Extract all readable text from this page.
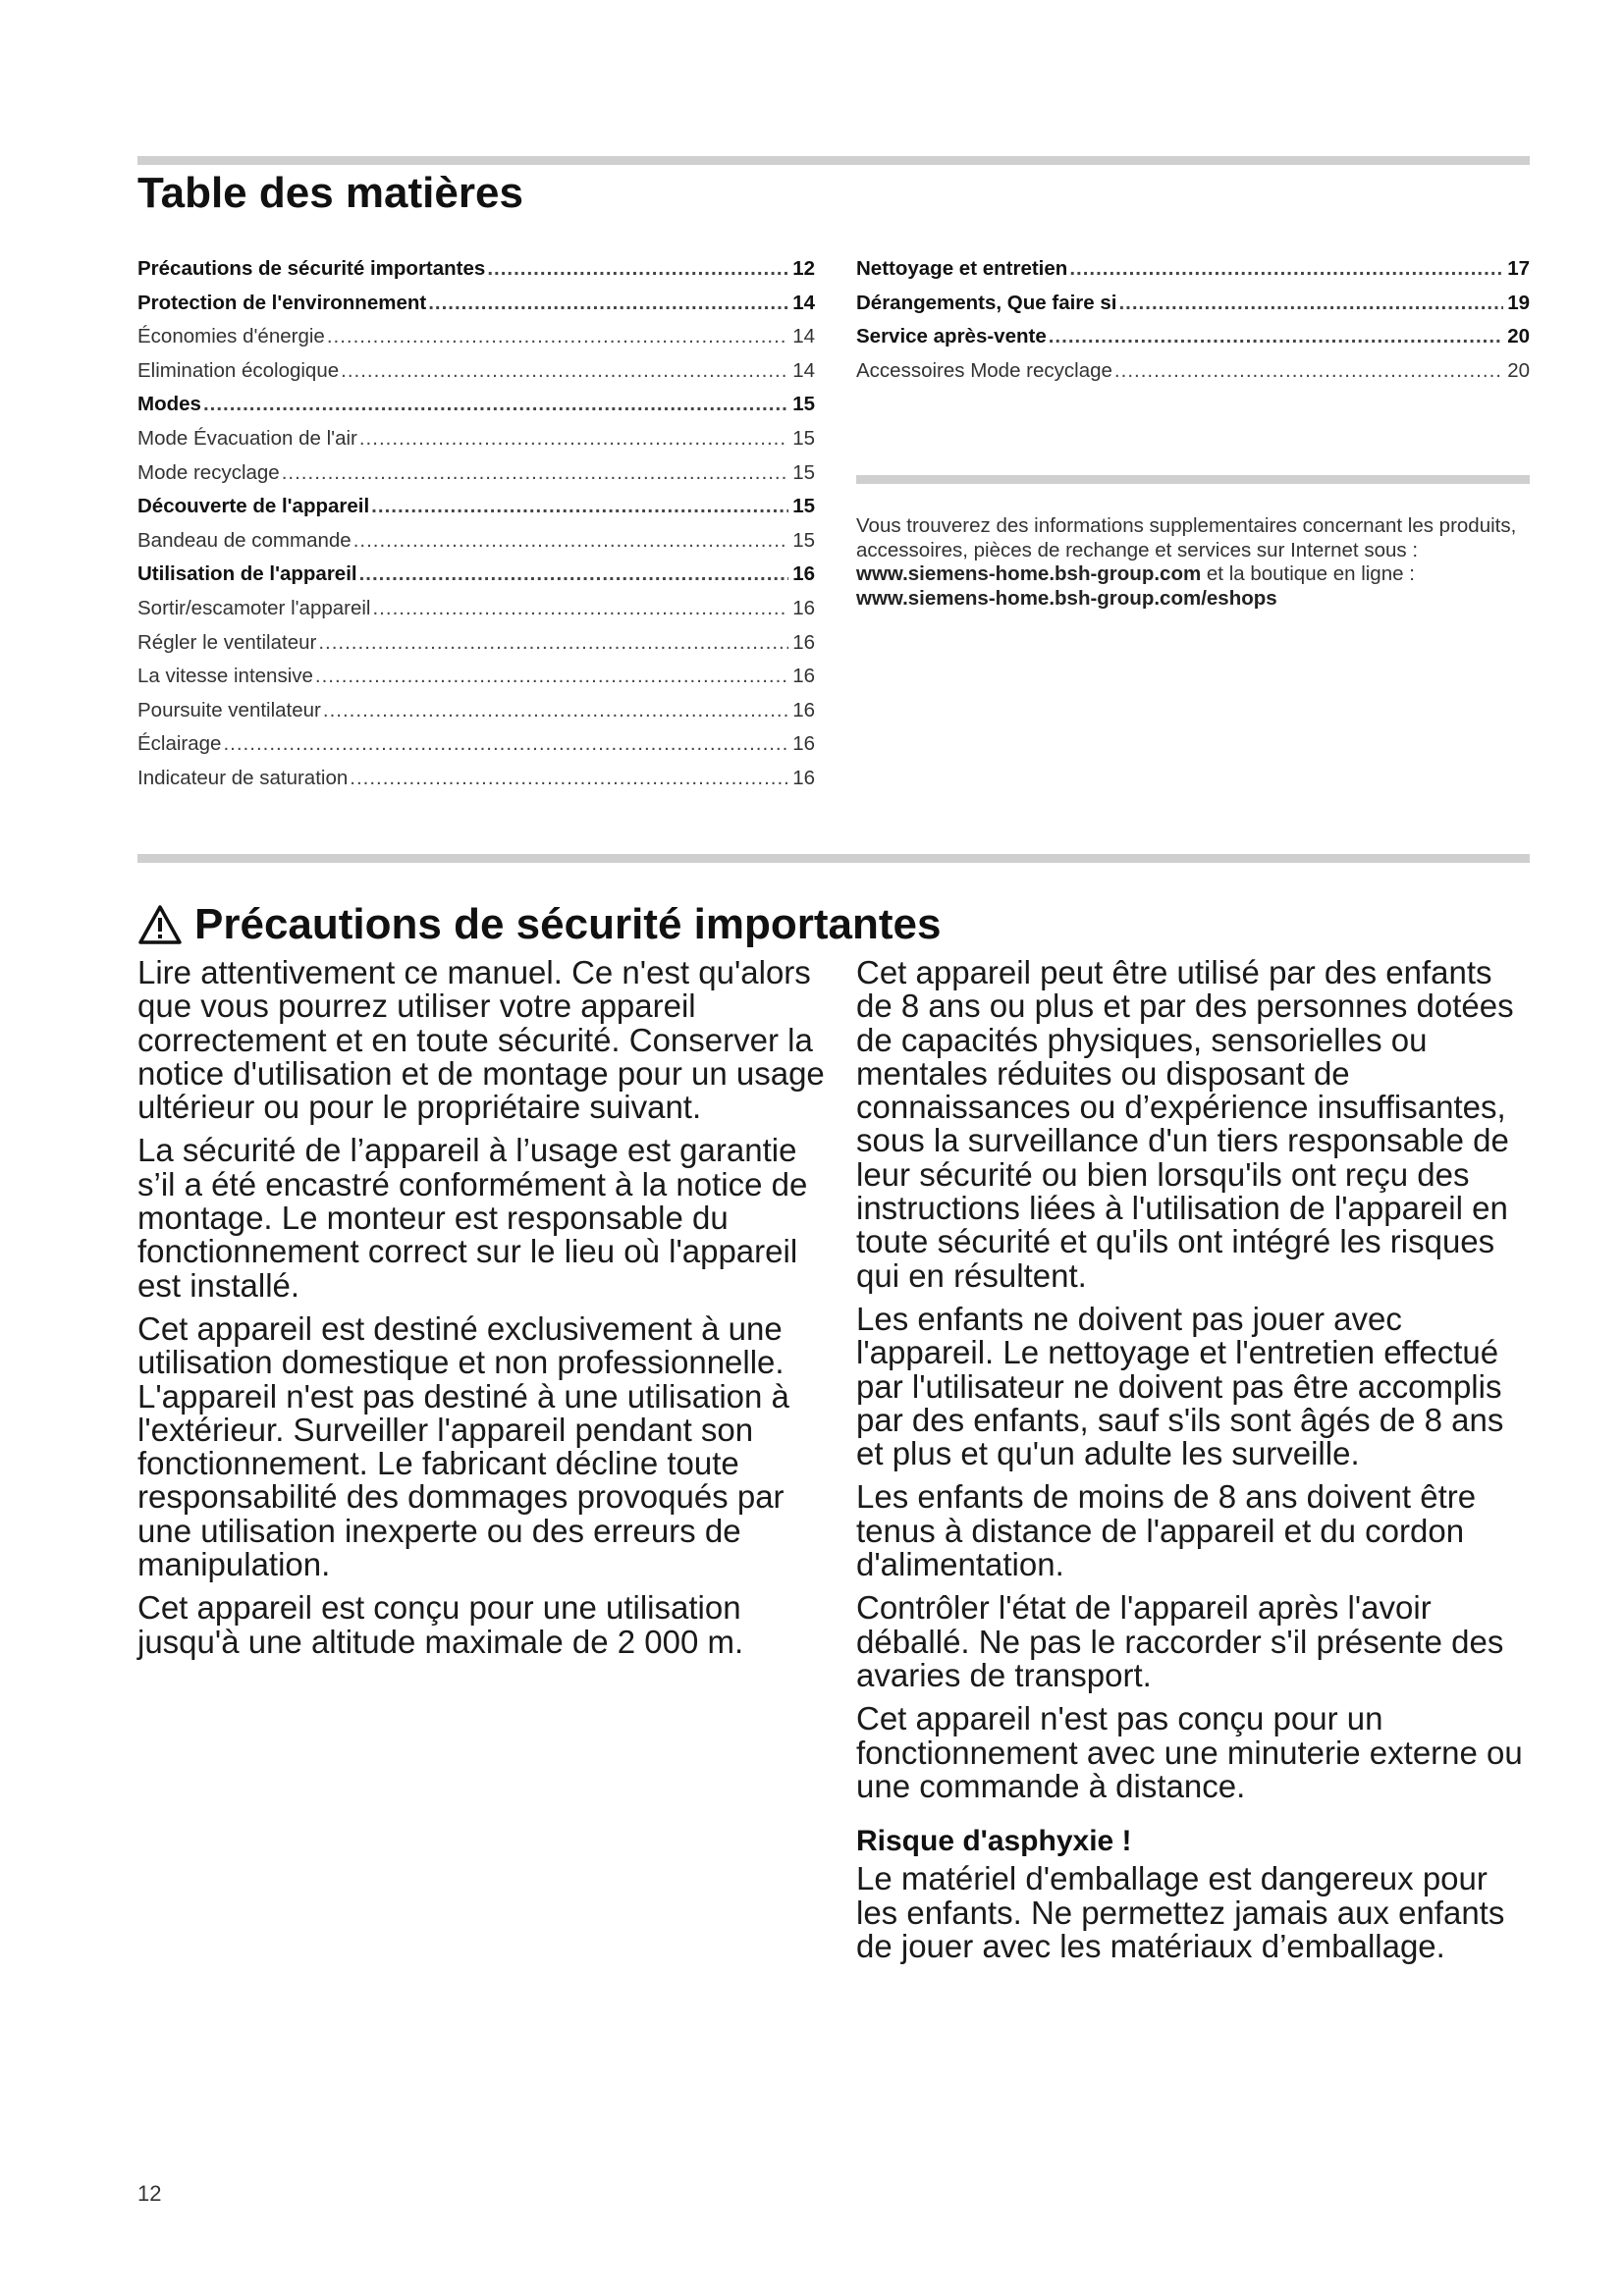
Table des matières
Précautions de sécurité importantes .....	12
Protection de l'environnement .....	14
Économies d'énergie .....	14
Elimination écologique .....	14
Modes .....	15
Mode Évacuation de l'air .....	15
Mode recyclage .....	15
Découverte de l'appareil .....	15
Bandeau de commande .....	15
Utilisation de l'appareil .....	16
Sortir/escamoter l'appareil .....	16
Régler le ventilateur .....	16
La vitesse intensive .....	16
Poursuite ventilateur .....	16
Éclairage .....	16
Indicateur de saturation .....	16
Nettoyage et entretien .....	17
Dérangements, Que faire si .....	19
Service après-vente .....	20
Accessoires Mode recyclage .....	20

Vous trouverez des informations supplementaires concernant les produits, accessoires, pièces de rechange et services sur Internet sous : www.siemens-home.bsh-group.com et la boutique en ligne : www.siemens-home.bsh-group.com/eshops

Précautions de sécurité importantes

Lire attentivement ce manuel. Ce n'est qu'alors que vous pourrez utiliser votre appareil correctement et en toute sécurité. Conserver la notice d'utilisation et de montage pour un usage ultérieur ou pour le propriétaire suivant.

La sécurité de l’appareil à l’usage est garantie s’il a été encastré conformément à la notice de montage. Le monteur est responsable du fonctionnement correct sur le lieu où l'appareil est installé.

Cet appareil est destiné exclusivement à une utilisation domestique et non professionnelle. L'appareil n'est pas destiné à une utilisation à l'extérieur. Surveiller l'appareil pendant son fonctionnement. Le fabricant décline toute responsabilité des dommages provoqués par une utilisation inexperte ou des erreurs de manipulation.

Cet appareil est conçu pour une utilisation jusqu'à une altitude maximale de 2 000 m.

Cet appareil peut être utilisé par des enfants de 8 ans ou plus et par des personnes dotées de capacités physiques, sensorielles ou mentales réduites ou disposant de connaissances ou d’expérience insuffisantes, sous la surveillance d'un tiers responsable de leur sécurité ou bien lorsqu'ils ont reçu des instructions liées à l'utilisation de l'appareil en toute sécurité et qu'ils ont intégré les risques qui en résultent.

Les enfants ne doivent pas jouer avec l'appareil. Le nettoyage et l'entretien effectué par l'utilisateur ne doivent pas être accomplis par des enfants, sauf s'ils sont âgés de 8 ans et plus et qu'un adulte les surveille.

Les enfants de moins de 8 ans doivent être tenus à distance de l'appareil et du cordon d'alimentation.

Contrôler l'état de l'appareil après l'avoir déballé. Ne pas le raccorder s'il présente des avaries de transport.

Cet appareil n'est pas conçu pour un fonctionnement avec une minuterie externe ou une commande à distance.

Risque d'asphyxie !

Le matériel d'emballage est dangereux pour les enfants. Ne permettez jamais aux enfants de jouer avec les matériaux d’emballage.

12
